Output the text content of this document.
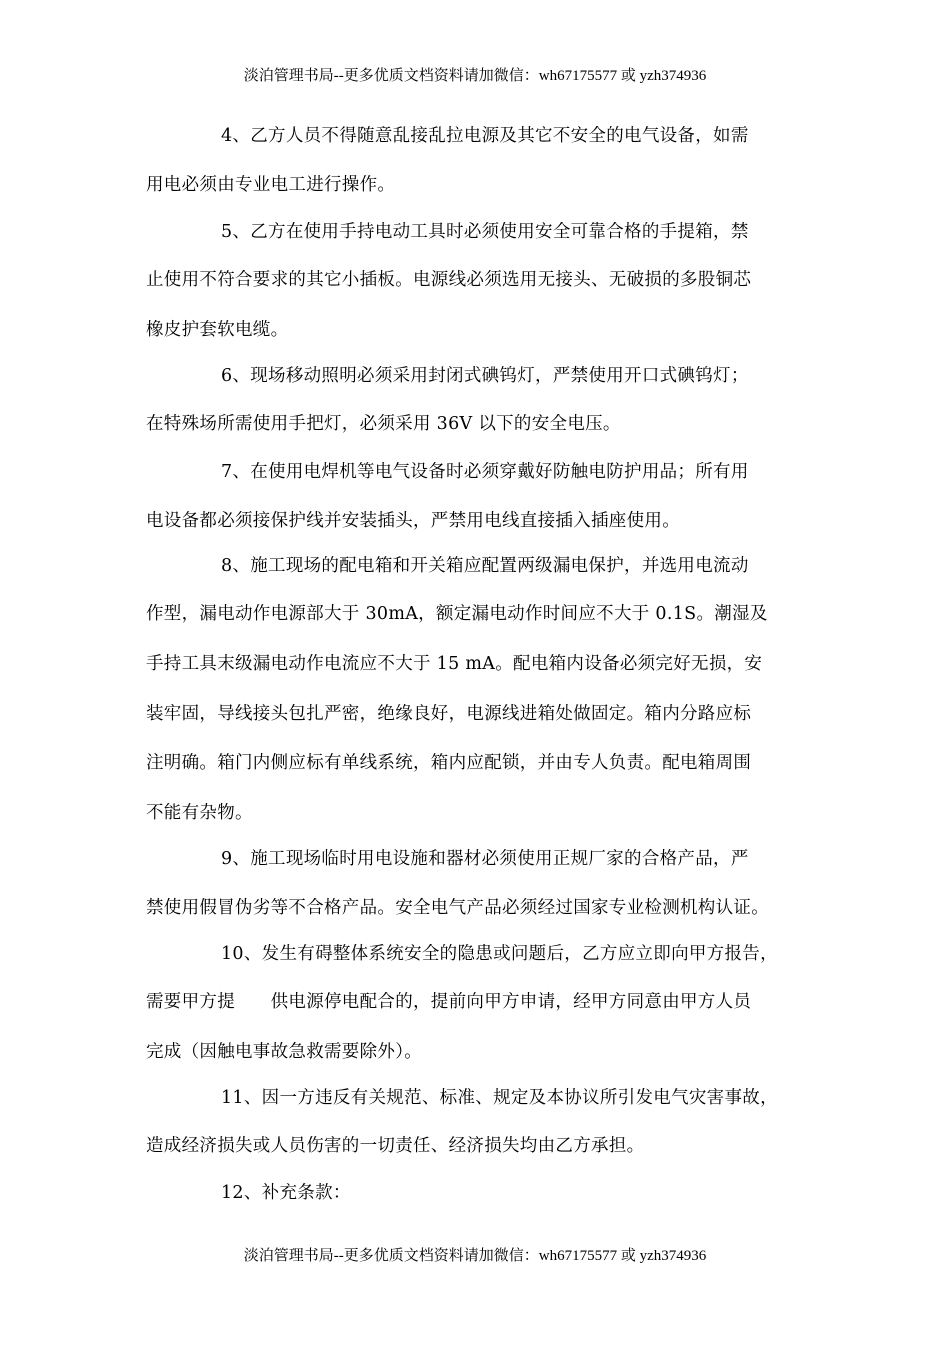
淡泊管理书局--更多优质文档资料请加微信：wh67175577 或 yzh374936
4、乙方人员不得随意乱接乱拉电源及其它不安全的电气设备，如需
用电必须由专业电工进行操作。
5、乙方在使用手持电动工具时必须使用安全可靠合格的手提箱，禁
止使用不符合要求的其它小插板。电源线必须选用无接头、无破损的多股铜芯
橡皮护套软电缆。
6、现场移动照明必须采用封闭式碘钨灯，严禁使用开口式碘钨灯；
在特殊场所需使用手把灯，必须采用 36V 以下的安全电压。
7、在使用电焊机等电气设备时必须穿戴好防触电防护用品；所有用
电设备都必须接保护线并安装插头，严禁用电线直接插入插座使用。
8、施工现场的配电箱和开关箱应配置两级漏电保护，并选用电流动
作型，漏电动作电源部大于 30mA，额定漏电动作时间应不大于 0.1S。潮湿及
手持工具末级漏电动作电流应不大于 15 mA。配电箱内设备必须完好无损，安
装牢固，导线接头包扎严密，绝缘良好，电源线进箱处做固定。箱内分路应标
注明确。箱门内侧应标有单线系统，箱内应配锁，并由专人负责。配电箱周围
不能有杂物。
9、施工现场临时用电设施和器材必须使用正规厂家的合格产品，严
禁使用假冒伪劣等不合格产品。安全电气产品必须经过国家专业检测机构认证。
10、发生有碍整体系统安全的隐患或问题后，乙方应立即向甲方报告，
需要甲方提　　供电源停电配合的，提前向甲方申请，经甲方同意由甲方人员
完成（因触电事故急救需要除外）。
11、因一方违反有关规范、标准、规定及本协议所引发电气灾害事故，
造成经济损失或人员伤害的一切责任、经济损失均由乙方承担。
12、补充条款：
淡泊管理书局--更多优质文档资料请加微信：wh67175577 或 yzh374936
